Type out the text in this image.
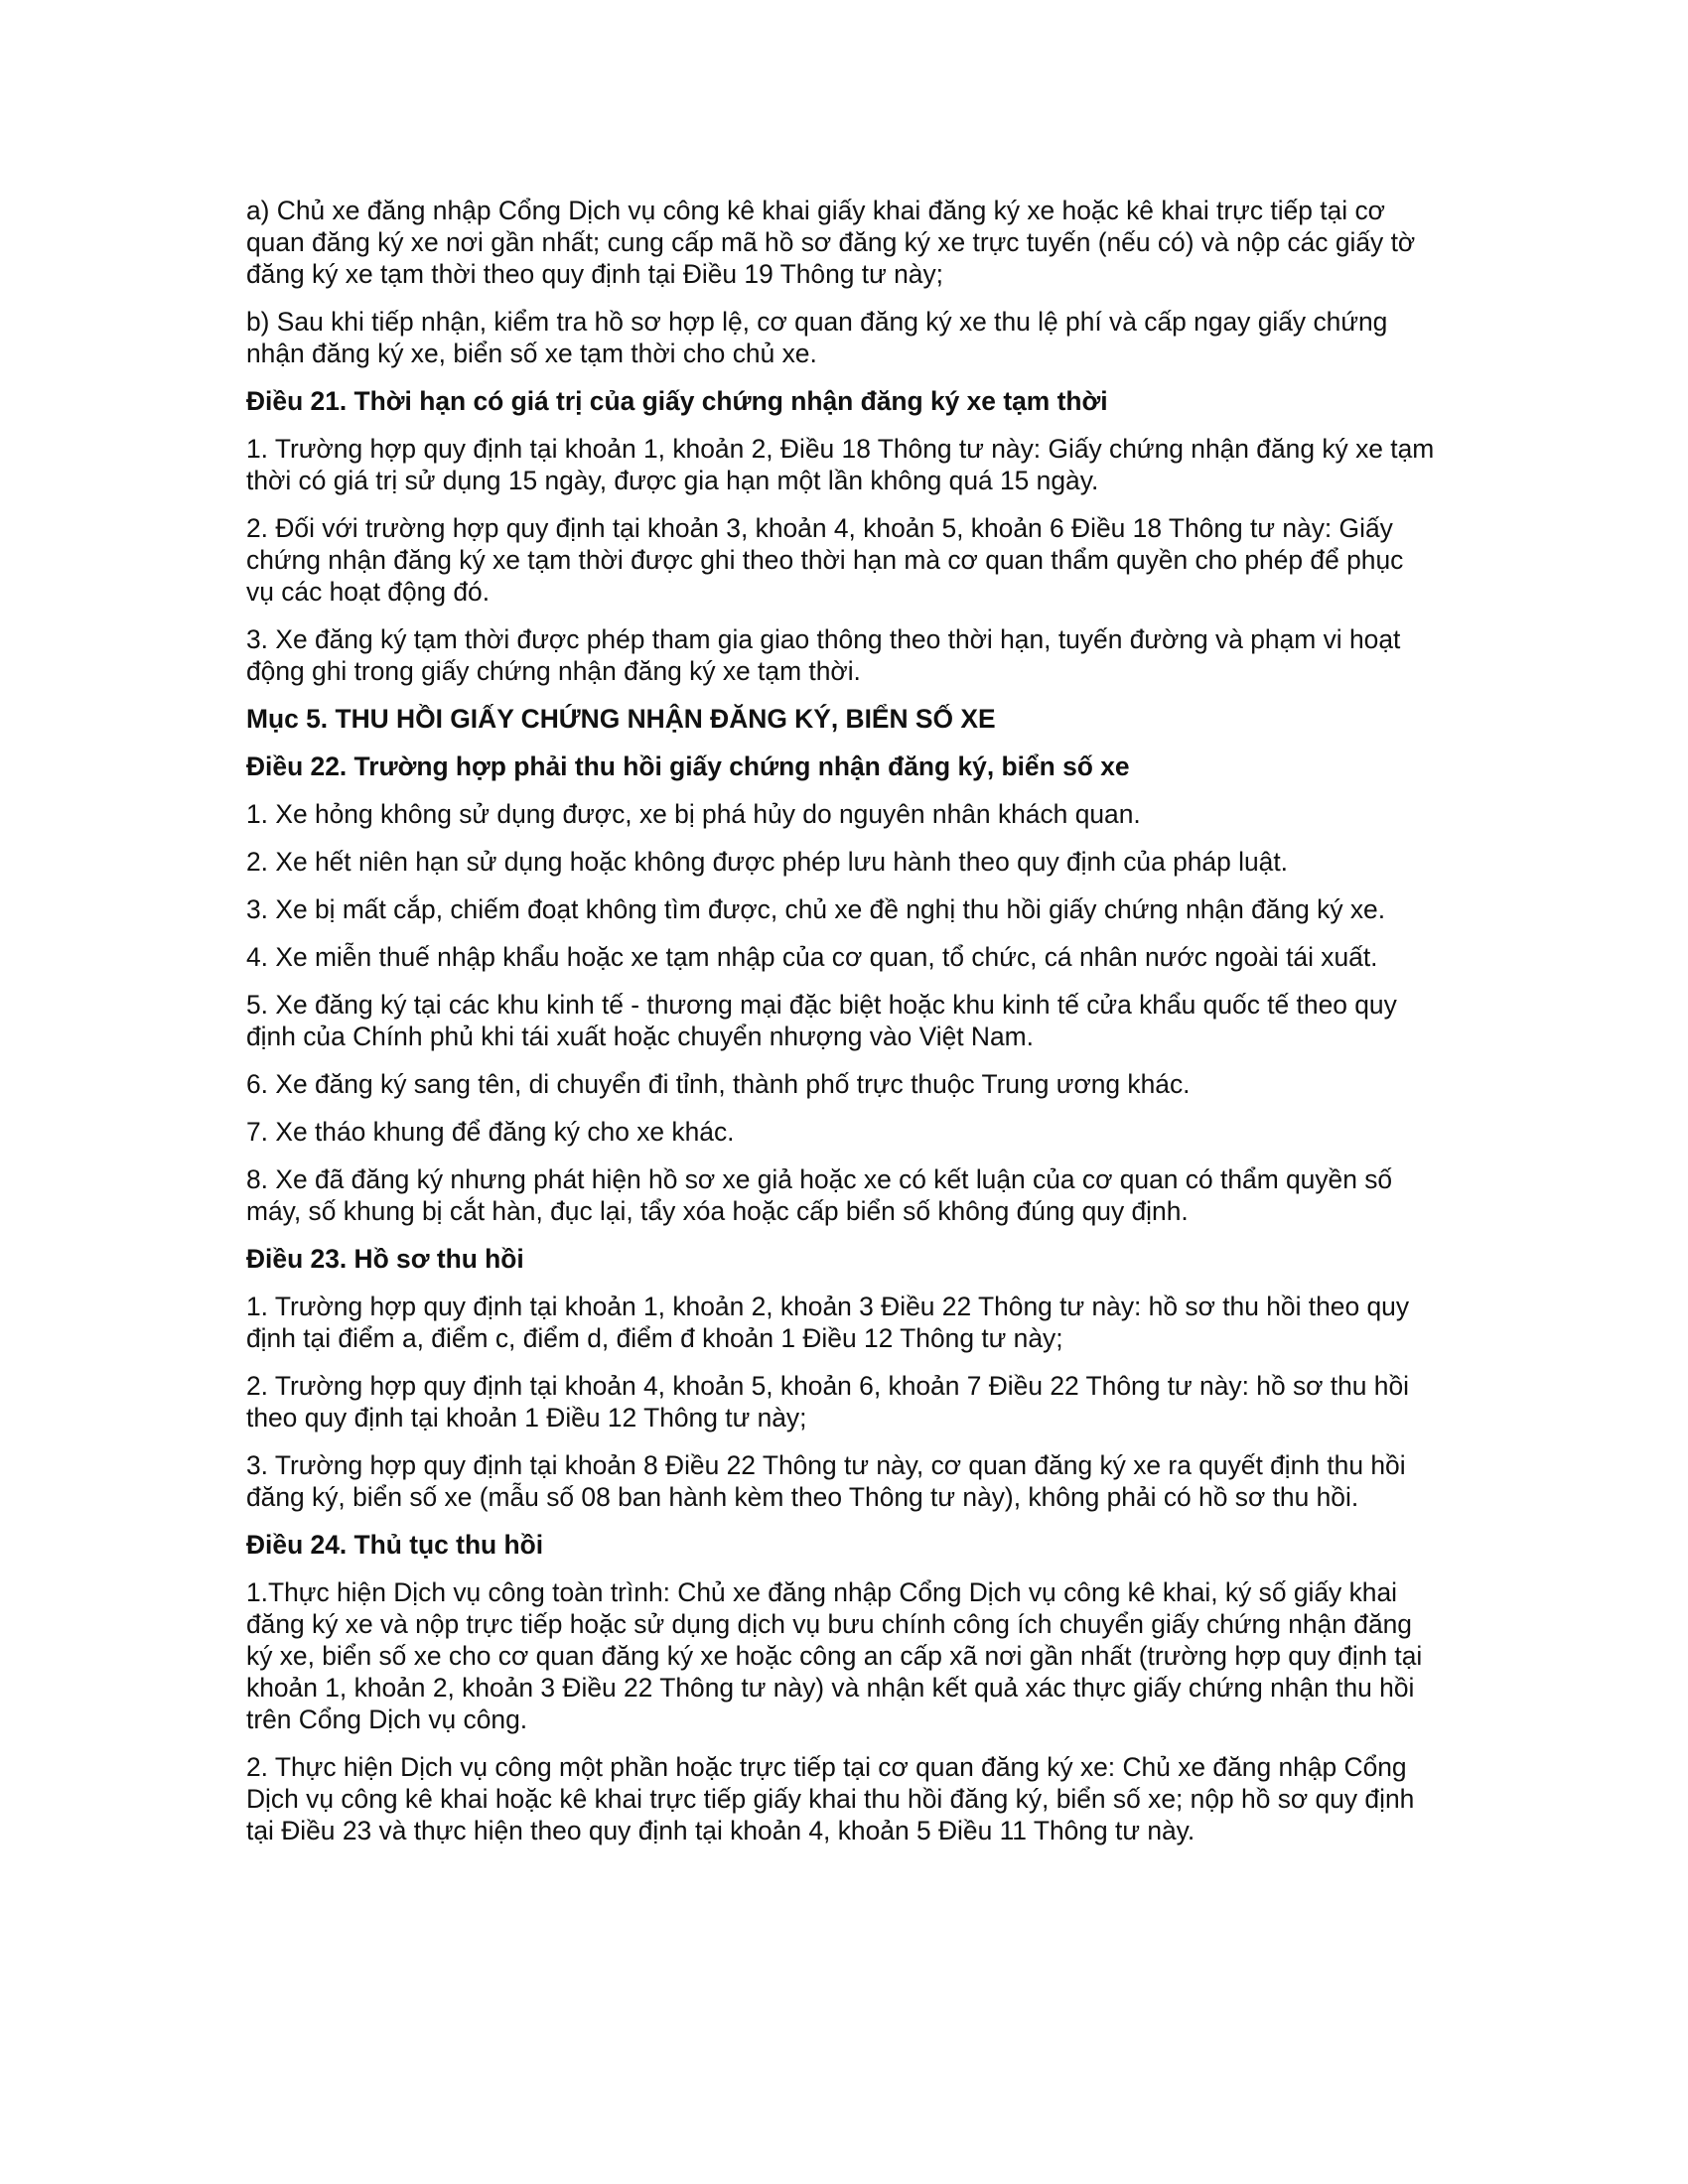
a) Chủ xe đăng nhập Cổng Dịch vụ công kê khai giấy khai đăng ký xe hoặc kê khai trực tiếp tại cơ quan đăng ký xe nơi gần nhất; cung cấp mã hồ sơ đăng ký xe trực tuyến (nếu có) và nộp các giấy tờ đăng ký xe tạm thời theo quy định tại Điều 19 Thông tư này;

b) Sau khi tiếp nhận, kiểm tra hồ sơ hợp lệ, cơ quan đăng ký xe thu lệ phí và cấp ngay giấy chứng nhận đăng ký xe, biển số xe tạm thời cho chủ xe.

Điều 21. Thời hạn có giá trị của giấy chứng nhận đăng ký xe tạm thời

1. Trường hợp quy định tại khoản 1, khoản 2, Điều 18 Thông tư này: Giấy chứng nhận đăng ký xe tạm thời có giá trị sử dụng 15 ngày, được gia hạn một lần không quá 15 ngày.

2. Đối với trường hợp quy định tại khoản 3, khoản 4, khoản 5, khoản 6 Điều 18 Thông tư này: Giấy chứng nhận đăng ký xe tạm thời được ghi theo thời hạn mà cơ quan thẩm quyền cho phép để phục vụ các hoạt động đó.

3. Xe đăng ký tạm thời được phép tham gia giao thông theo thời hạn, tuyến đường và phạm vi hoạt động ghi trong giấy chứng nhận đăng ký xe tạm thời.

Mục 5. THU HỒI GIẤY CHỨNG NHẬN ĐĂNG KÝ, BIỂN SỐ XE

Điều 22. Trường hợp phải thu hồi giấy chứng nhận đăng ký, biển số xe

1. Xe hỏng không sử dụng được, xe bị phá hủy do nguyên nhân khách quan.

2. Xe hết niên hạn sử dụng hoặc không được phép lưu hành theo quy định của pháp luật.

3. Xe bị mất cắp, chiếm đoạt không tìm được, chủ xe đề nghị thu hồi giấy chứng nhận đăng ký xe.

4. Xe miễn thuế nhập khẩu hoặc xe tạm nhập của cơ quan, tổ chức, cá nhân nước ngoài tái xuất.

5. Xe đăng ký tại các khu kinh tế - thương mại đặc biệt hoặc khu kinh tế cửa khẩu quốc tế theo quy định của Chính phủ khi tái xuất hoặc chuyển nhượng vào Việt Nam.

6. Xe đăng ký sang tên, di chuyển đi tỉnh, thành phố trực thuộc Trung ương khác.

7. Xe tháo khung để đăng ký cho xe khác.

8. Xe đã đăng ký nhưng phát hiện hồ sơ xe giả hoặc xe có kết luận của cơ quan có thẩm quyền số máy, số khung bị cắt hàn, đục lại, tẩy xóa hoặc cấp biển số không đúng quy định.

Điều 23. Hồ sơ thu hồi

1. Trường hợp quy định tại khoản 1, khoản 2, khoản 3 Điều 22 Thông tư này: hồ sơ thu hồi theo quy định tại điểm a, điểm c, điểm d, điểm đ khoản 1 Điều 12 Thông tư này;

2. Trường hợp quy định tại khoản 4, khoản 5, khoản 6, khoản 7 Điều 22 Thông tư này: hồ sơ thu hồi theo quy định tại khoản 1 Điều 12 Thông tư này;

3. Trường hợp quy định tại khoản 8 Điều 22 Thông tư này, cơ quan đăng ký xe ra quyết định thu hồi đăng ký, biển số xe (mẫu số 08 ban hành kèm theo Thông tư này), không phải có hồ sơ thu hồi.

Điều 24. Thủ tục thu hồi

1.Thực hiện Dịch vụ công toàn trình: Chủ xe đăng nhập Cổng Dịch vụ công kê khai, ký số giấy khai đăng ký xe và nộp trực tiếp hoặc sử dụng dịch vụ bưu chính công ích chuyển giấy chứng nhận đăng ký xe, biển số xe cho cơ quan đăng ký xe hoặc công an cấp xã nơi gần nhất (trường hợp quy định tại khoản 1, khoản 2, khoản 3 Điều 22 Thông tư này) và nhận kết quả xác thực giấy chứng nhận thu hồi trên Cổng Dịch vụ công.

2. Thực hiện Dịch vụ công một phần hoặc trực tiếp tại cơ quan đăng ký xe: Chủ xe đăng nhập Cổng Dịch vụ công kê khai hoặc kê khai trực tiếp giấy khai thu hồi đăng ký, biển số xe; nộp hồ sơ quy định tại Điều 23 và thực hiện theo quy định tại khoản 4, khoản 5 Điều 11 Thông tư này.
